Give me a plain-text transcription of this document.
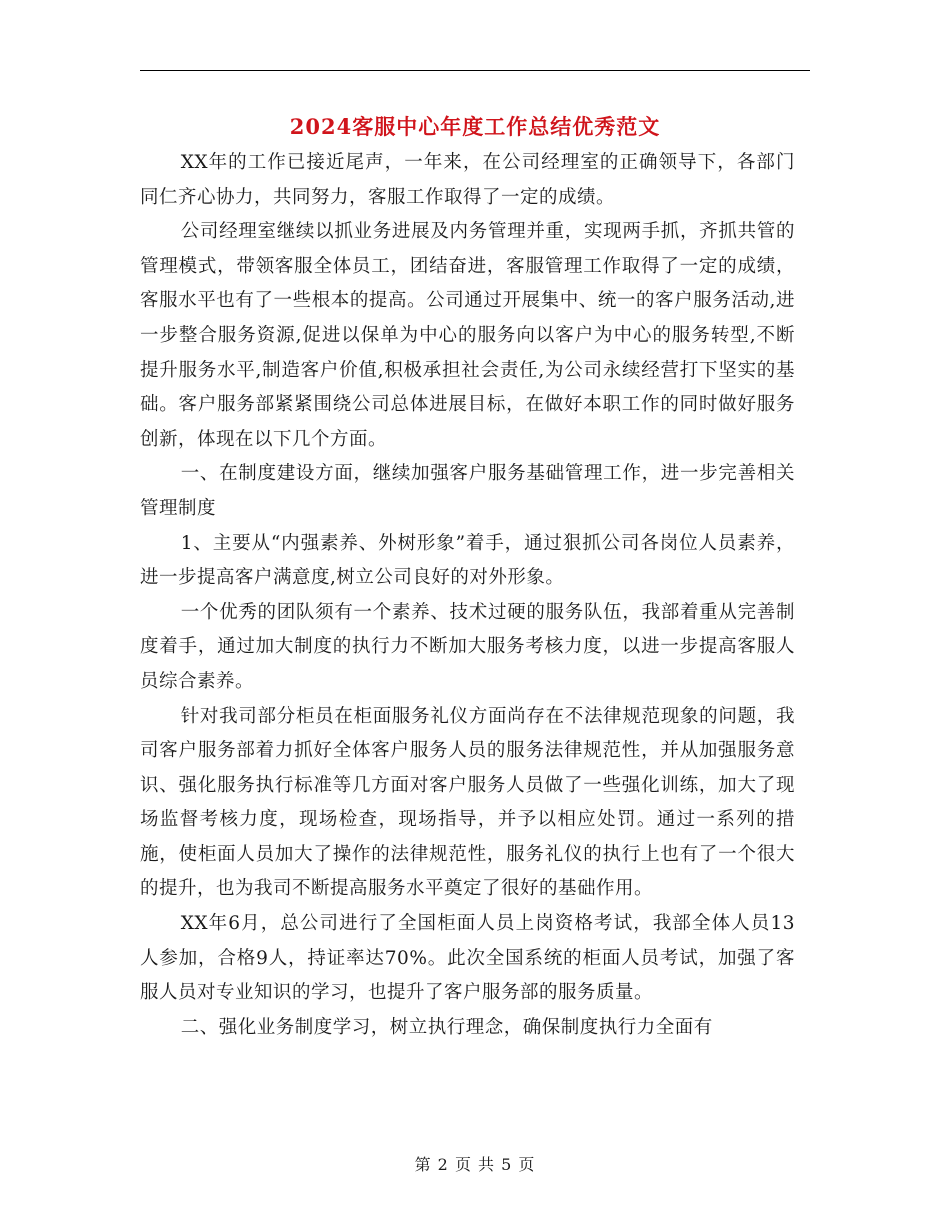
2024客服中心年度工作总结优秀范文

XX年的工作已接近尾声，一年来，在公司经理室的正确领导下，各部门同仁齐心协力，共同努力，客服工作取得了一定的成绩。

公司经理室继续以抓业务进展及内务管理并重，实现两手抓，齐抓共管的管理模式，带领客服全体员工，团结奋进，客服管理工作取得了一定的成绩，客服水平也有了一些根本的提高。公司通过开展集中、统一的客户服务活动,进一步整合服务资源,促进以保单为中心的服务向以客户为中心的服务转型,不断提升服务水平,制造客户价值,积极承担社会责任,为公司永续经营打下坚实的基础。客户服务部紧紧围绕公司总体进展目标，在做好本职工作的同时做好服务创新，体现在以下几个方面。

一、在制度建设方面，继续加强客户服务基础管理工作，进一步完善相关管理制度

1、主要从“内强素养、外树形象”着手，通过狠抓公司各岗位人员素养，进一步提高客户满意度,树立公司良好的对外形象。

一个优秀的团队须有一个素养、技术过硬的服务队伍，我部着重从完善制度着手，通过加大制度的执行力不断加大服务考核力度，以进一步提高客服人员综合素养。

针对我司部分柜员在柜面服务礼仪方面尚存在不法律规范现象的问题，我司客户服务部着力抓好全体客户服务人员的服务法律规范性，并从加强服务意识、强化服务执行标准等几方面对客户服务人员做了一些强化训练，加大了现场监督考核力度，现场检查，现场指导，并予以相应处罚。通过一系列的措施，使柜面人员加大了操作的法律规范性，服务礼仪的执行上也有了一个很大的提升，也为我司不断提高服务水平奠定了很好的基础作用。

XX年6月，总公司进行了全国柜面人员上岗资格考试，我部全体人员13人参加，合格9人，持证率达70%。此次全国系统的柜面人员考试，加强了客服人员对专业知识的学习，也提升了客户服务部的服务质量。

二、强化业务制度学习，树立执行理念，确保制度执行力全面有

第 2 页 共 5 页
